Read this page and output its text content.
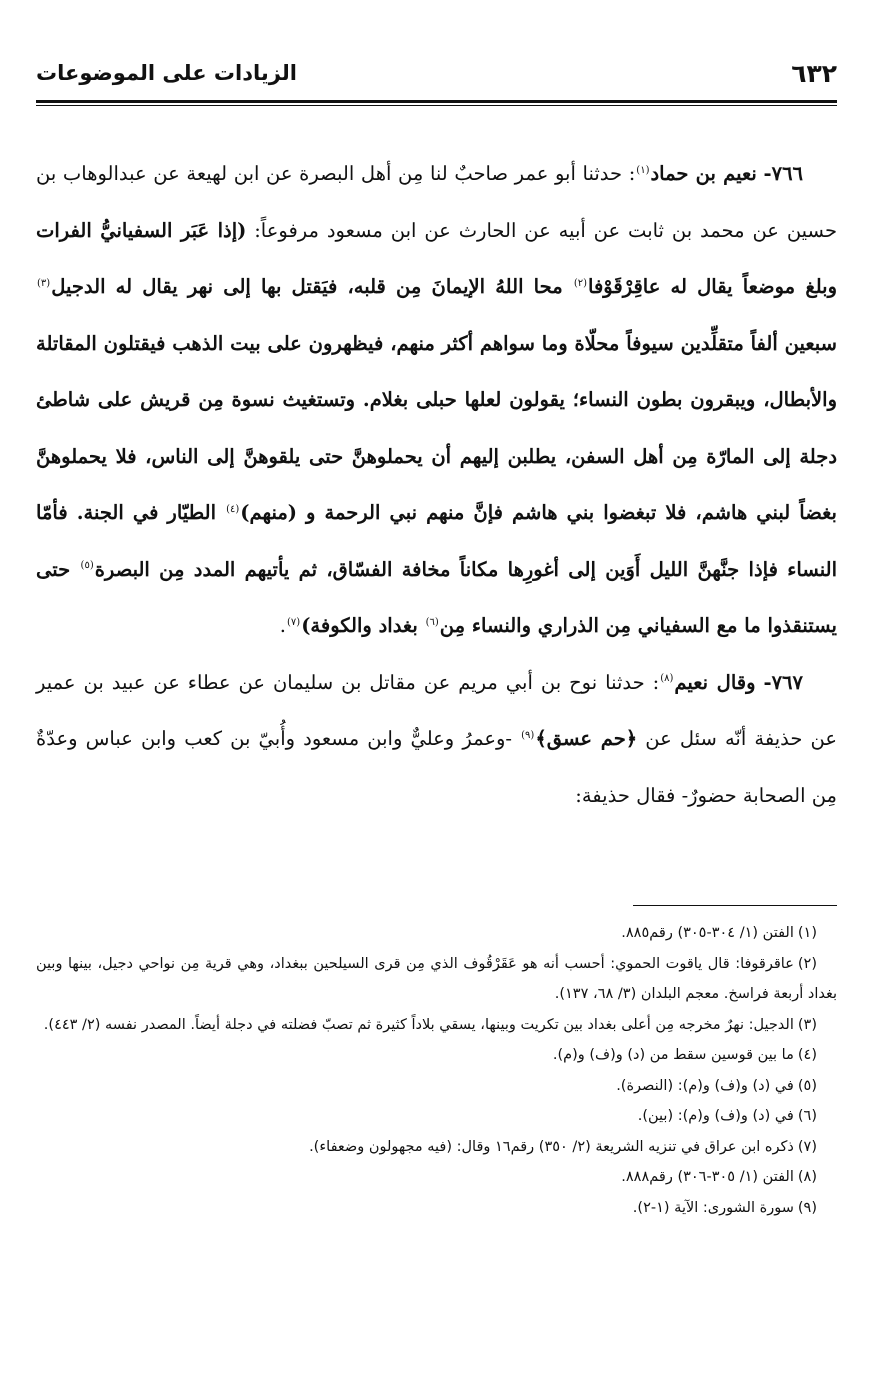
٦٣٢
الزيادات على الموضوعات

٧٦٦- نعيم بن حماد$^{(١)}$: حدثنا أبو عمر صاحبٌ لنا مِن أهل البصرة عن ابن لهيعة عن عبدالوهاب بن حسين عن محمد بن ثابت عن أبيه عن الحارث عن ابن مسعود مرفوعاً: (إذا عَبَر السفيانيُّ الفرات وبلغ موضعاً يقال له عاقِرْقَوْفا$^{(٢)}$ محا اللهُ الإيمانَ مِن قلبه، فيَقتل بها إلى نهر يقال له الدجيل$^{(٣)}$ سبعين ألفاً متقلِّدين سيوفاً محلّاة وما سواهم أكثر منهم، فيظهرون على بيت الذهب فيقتلون المقاتلة والأبطال، ويبقرون بطون النساء؛ يقولون لعلها حبلى بغلام. وتستغيث نسوة مِن قريش على شاطئ دجلة إلى المارّة مِن أهل السفن، يطلبن إليهم أن يحملوهنَّ حتى يلقوهنَّ إلى الناس، فلا يحملوهنَّ بغضاً لبني هاشم، فلا تبغضوا بني هاشم فإنَّ منهم نبي الرحمة و (منهم)$^{(٤)}$ الطيّار في الجنة. فأمّا النساء فإذا جنَّهنَّ الليل أَوَين إلى أغورِها مكاناً مخافة الفسّاق، ثم يأتيهم المدد مِن البصرة$^{(٥)}$ حتى يستنقذوا ما مع السفياني مِن الذراري والنساء مِن$^{(٦)}$ بغداد والكوفة)$^{(٧)}$.

٧٦٧- وقال نعيم$^{(٨)}$: حدثنا نوح بن أبي مريم عن مقاتل بن سليمان عن عطاء عن عبيد بن عمير عن حذيفة أنّه سئل عن ﴿حم عسق﴾$^{(٩)}$ -وعمرُ وعليٌّ وابن مسعود وأُبيّ بن كعب وابن عباس وعدّةٌ مِن الصحابة حضورٌ- فقال حذيفة:

(١)الفتن (١/ ٣٠٤-٣٠٥) رقم٨٨٥.

(٢)عاقرقوفا: قال ياقوت الحموي: أحسب أنه هو عَقَرْقُوف الذي مِن قرى السيلحين ببغداد، وهي قرية مِن نواحي دجيل، بينها وبين بغداد أربعة فراسخ. معجم البلدان (٣/ ٦٨، ١٣٧).

(٣)الدجيل: نهرٌ مخرجه مِن أعلى بغداد بين تكريت وبينها، يسقي بلاداً كثيرة ثم تصبّ فضلته في دجلة أيضاً. المصدر نفسه (٢/ ٤٤٣).

(٤)ما بين قوسين سقط من (د) و(ف) و(م).

(٥)في (د) و(ف) و(م): (النصرة).

(٦)في (د) و(ف) و(م): (بين).

(٧)ذكره ابن عراق في تنزيه الشريعة (٢/ ٣٥٠) رقم١٦ وقال: (فيه مجهولون وضعفاء).

(٨)الفتن (١/ ٣٠٥-٣٠٦) رقم٨٨٨.

(٩)سورة الشورى: الآية (١-٢).
